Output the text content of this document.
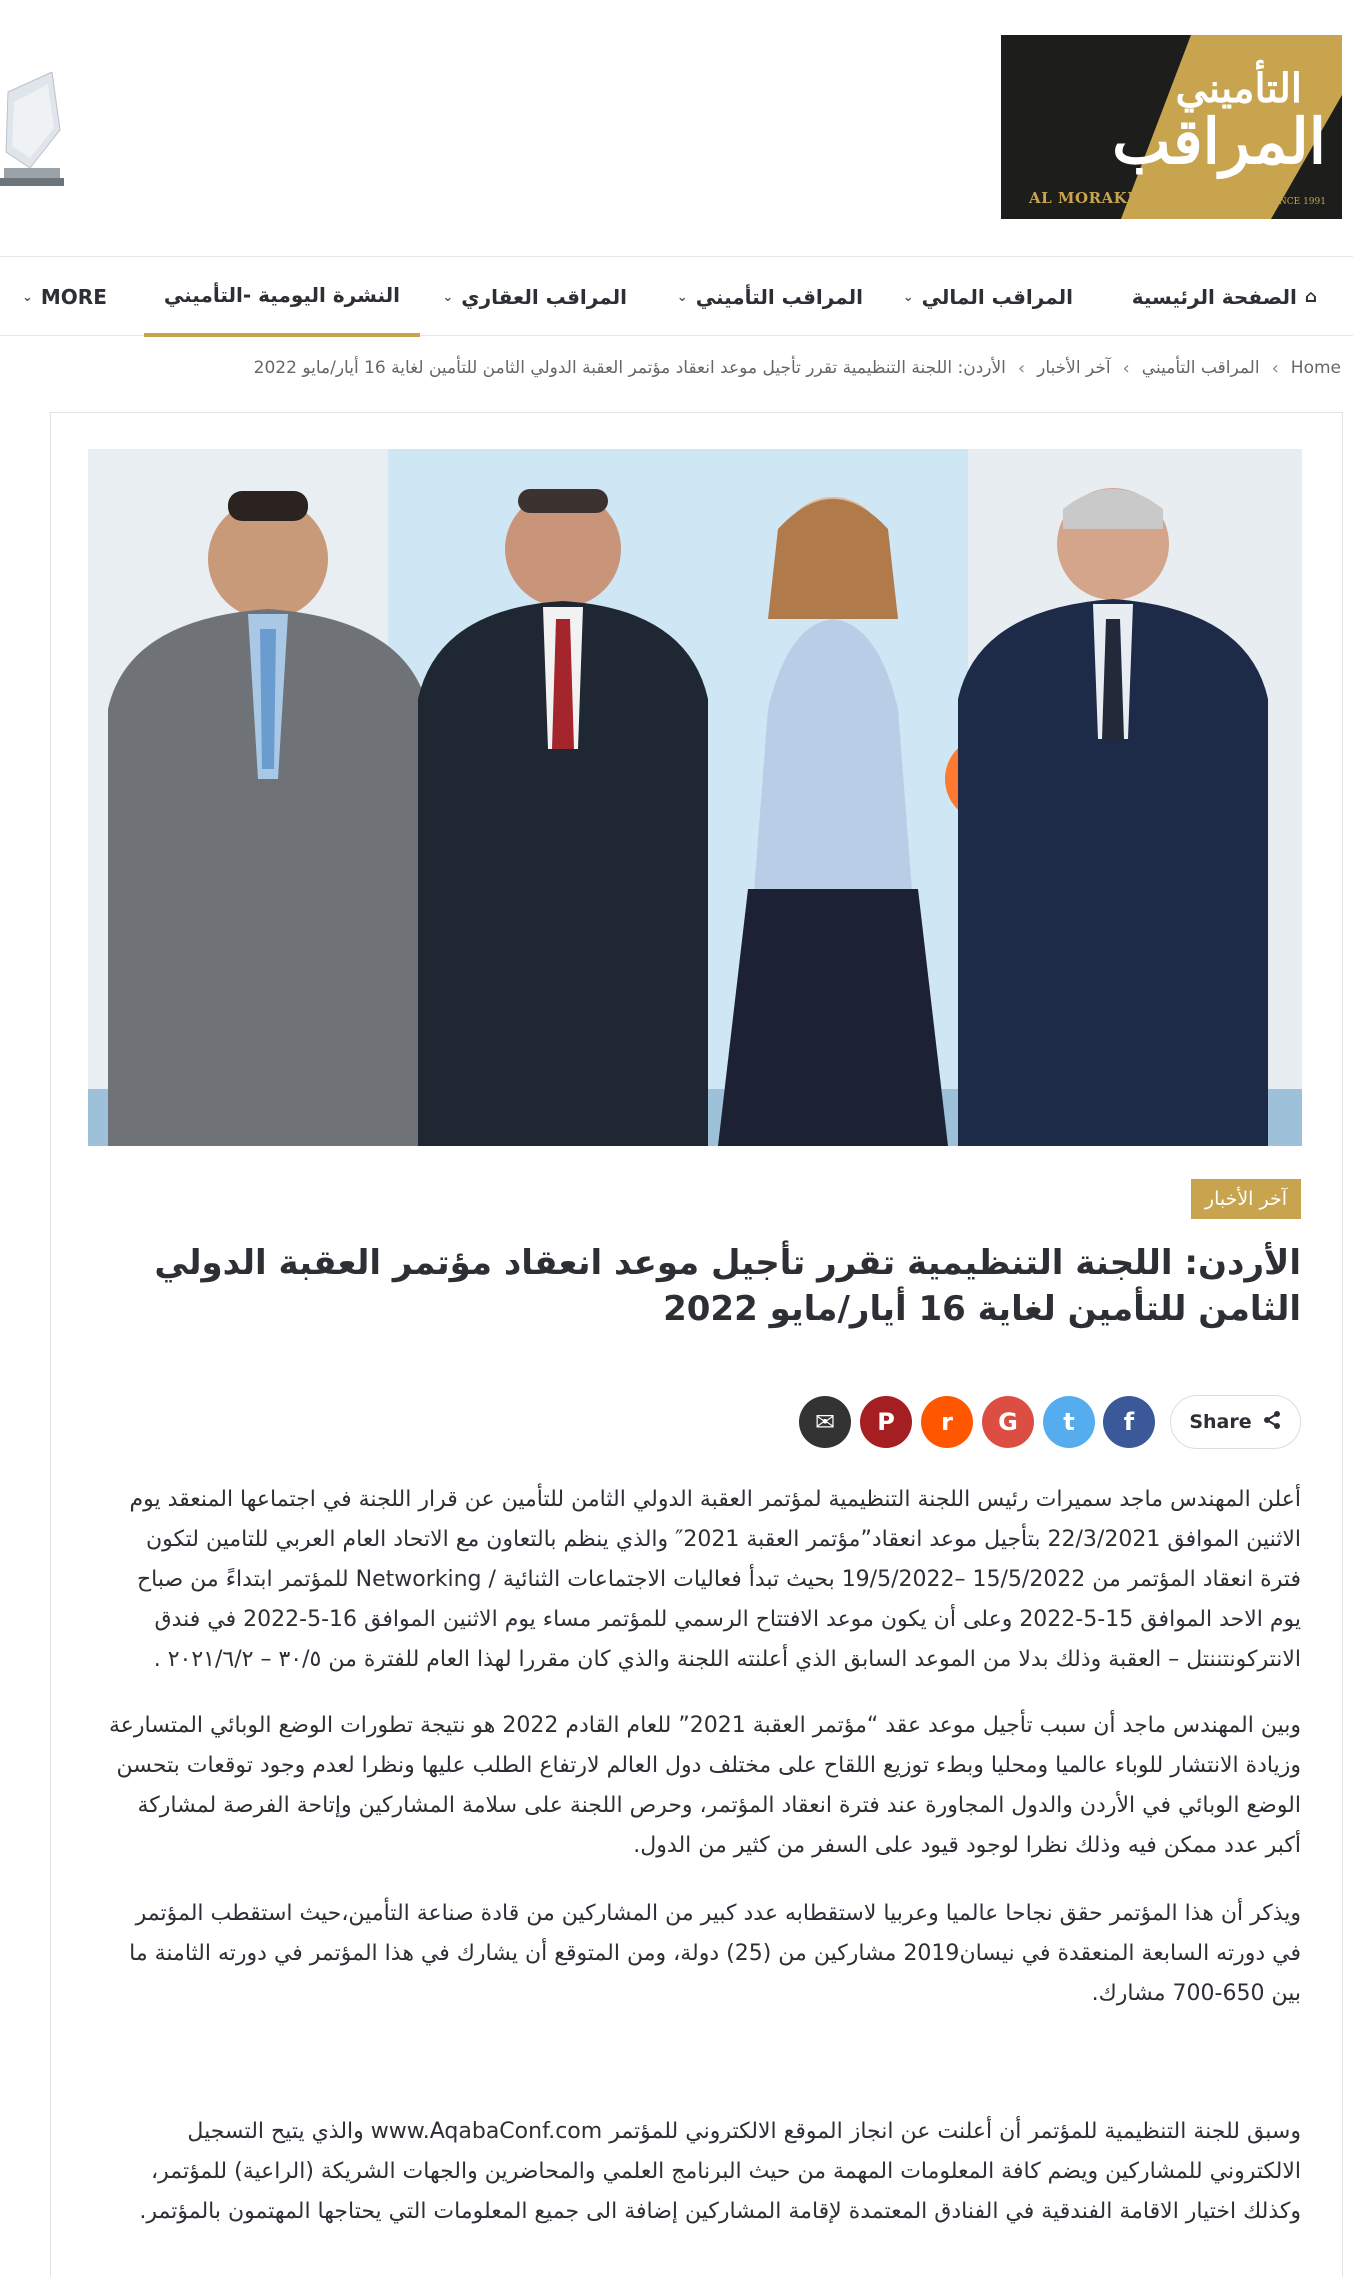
التأميني
المراقب
AL MORAKEB AL TA'MINI SINCE 1991
⌂
الصفحة الرئيسية
المراقب المالي
⌄
المراقب التأميني
⌄
المراقب العقاري
⌄
النشرة اليومية -التأميني
⌄ MORE
الأردن: اللجنة التنظيمية تقرر تأجيل موعد انعقاد مؤتمر العقبة الدولي الثامن للتأمين لغاية 16 أيار/مايو 2022 ‹ آخر الأخبار ‹ المراقب التأميني ‹ Home
آخر الأخبار
الأردن: اللجنة التنظيمية تقرر تأجيل موعد انعقاد مؤتمر العقبة الدولي الثامن للتأمين لغاية 16 أيار/مايو 2022
Share
f
t
G
r
P
✉

أعلن المهندس ماجد سميرات رئيس اللجنة التنظيمية لمؤتمر العقبة الدولي الثامن للتأمين عن قرار اللجنة في اجتماعها المنعقد يوم الاثنين الموافق 22/3/2021 بتأجيل موعد انعقاد”مؤتمر العقبة 2021″ والذي ينظم بالتعاون مع الاتحاد العام العربي للتامين لتكون فترة انعقاد المؤتمر من 15/5/2022 –19/5/2022 بحيث تبدأ فعاليات الاجتماعات الثنائية / Networking للمؤتمر ابتداءً من صباح يوم الاحد الموافق 15-5-2022 وعلى أن يكون موعد الافتتاح الرسمي للمؤتمر مساء يوم الاثنين الموافق 16-5-2022 في فندق الانتركونتننتل – العقبة وذلك بدلا من الموعد السابق الذي أعلنته اللجنة والذي كان مقررا لهذا العام للفترة من ٣٠/٥ – ٢٠٢١/٦/٢ .

وبين المهندس ماجد أن سبب تأجيل موعد عقد “مؤتمر العقبة 2021” للعام القادم 2022 هو نتيجة تطورات الوضع الوبائي المتسارعة وزيادة الانتشار للوباء عالميا ومحليا وبطء توزيع اللقاح على مختلف دول العالم لارتفاع الطلب عليها ونظرا لعدم وجود توقعات بتحسن الوضع الوبائي في الأردن والدول المجاورة عند فترة انعقاد المؤتمر، وحرص اللجنة على سلامة المشاركين وإتاحة الفرصة لمشاركة أكبر عدد ممكن فيه وذلك نظرا لوجود قيود على السفر من كثير من الدول.

ويذكر أن هذا المؤتمر حقق نجاحا عالميا وعربيا لاستقطابه عدد كبير من المشاركين من قادة صناعة التأمين،حيث استقطب المؤتمر في دورته السابعة المنعقدة في نيسان2019 مشاركين من (25) دولة، ومن المتوقع أن يشارك في هذا المؤتمر في دورته الثامنة ما بين 650-700 مشارك.

وسبق للجنة التنظيمية للمؤتمر أن أعلنت عن انجاز الموقع الالكتروني للمؤتمر www.AqabaConf.com والذي يتيح التسجيل الالكتروني للمشاركين ويضم كافة المعلومات المهمة من حيث البرنامج العلمي والمحاضرين والجهات الشريكة (الراعية) للمؤتمر، وكذلك اختيار الاقامة الفندقية في الفنادق المعتمدة لإقامة المشاركين إضافة الى جميع المعلومات التي يحتاجها المهتمون بالمؤتمر.
